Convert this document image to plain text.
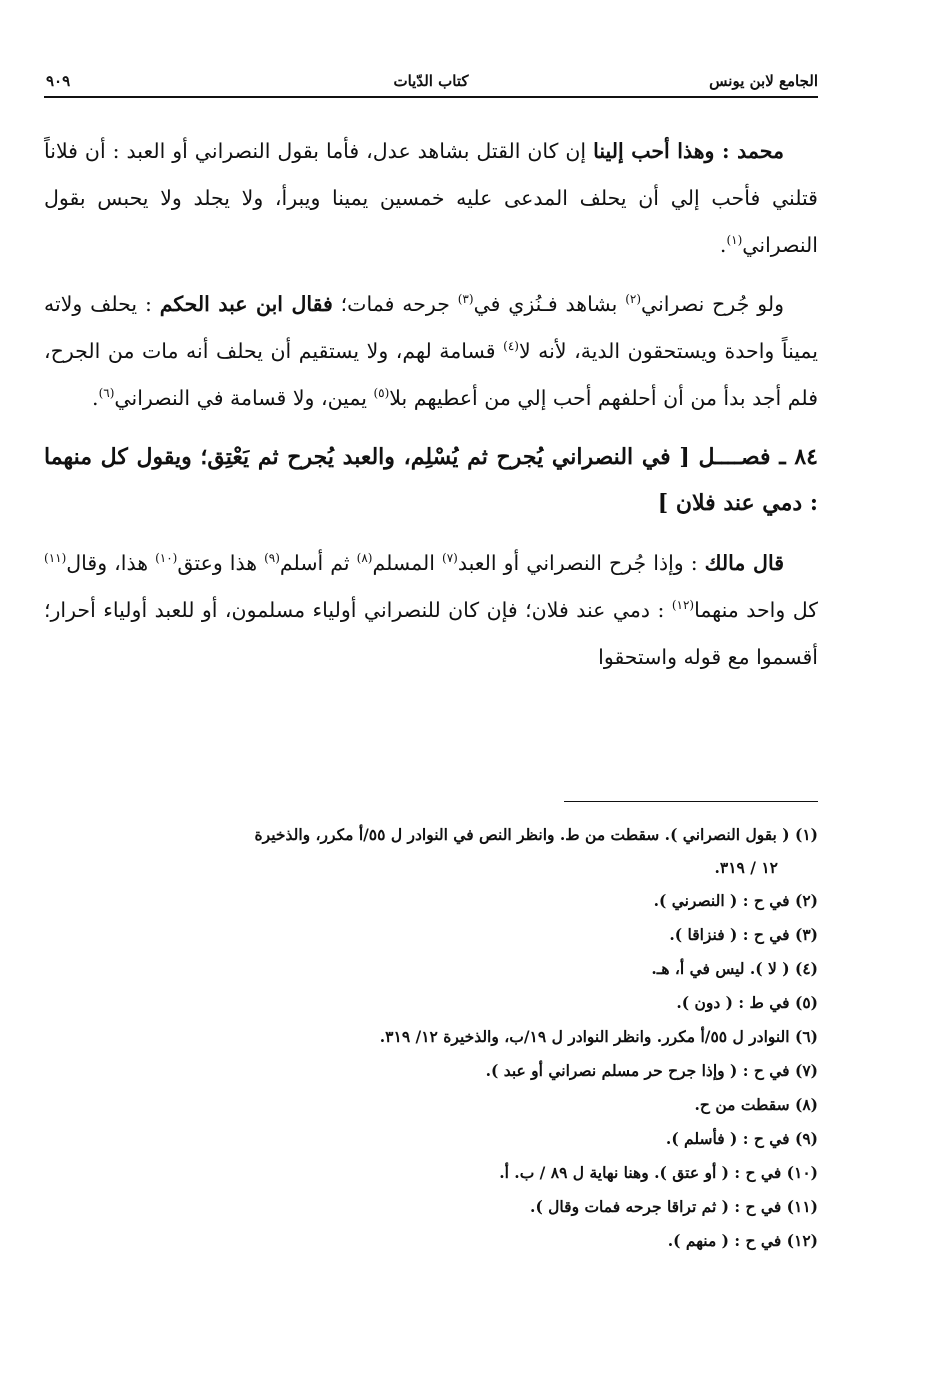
الجامع لابن يونس
كتاب الدّيات
٩٠٩

محمد : وهذا أحب إلينا إن كان القتل بشاهد عدل، فأما بقول النصراني أو العبد : أن فلاناً قتلني فأحب إلي أن يحلف المدعى عليه خمسين يمينا ويبرأ، ولا يجلد ولا يحبس بقول النصراني$^{(١)}$.

ولو جُرح نصراني$^{(٢)}$ بشاهد فـنُزي في$^{(٣)}$ جرحه فمات؛ فقال ابن عبد الحكم : يحلف ولاته يميناً واحدة ويستحقون الدية، لأنه لا$^{(٤)}$ قسامة لهم، ولا يستقيم أن يحلف أنه مات من الجرح، فلم أجد بدأ من أن أحلفهم أحب إلي من أعطيهم بلا$^{(٥)}$ يمين، ولا قسامة في النصراني$^{(٦)}$.

٨٤ ـ فصــــل [ في النصراني يُجرح ثم يُسْلِم، والعبد يُجرح ثم يَعْتِق؛ ويقول كل منهما : دمي عند فلان ]

قال مالك : وإذا جُرح النصراني أو العبد$^{(٧)}$ المسلم$^{(٨)}$ ثم أسلم$^{(٩)}$ هذا وعتق$^{(١٠)}$ هذا، وقال$^{(١١)}$ كل واحد منهما$^{(١٢)}$ : دمي عند فلان؛ فإن كان للنصراني أولياء مسلمون، أو للعبد أولياء أحرار؛ أقسموا مع قوله واستحقوا

(١) ( بقول النصراني ). سقطت من ط. وانظر النص في النوادر ل ٥٥/أ مكرر، والذخيرة
١٢ / ٣١٩.
(٢) في ح : ( النصرني ).
(٣) في ح : ( فنزاقا ).
(٤) ( لا ). ليس في أ، هـ.
(٥) في ط : ( دون ).
(٦) النوادر ل ٥٥/أ مكرر. وانظر النوادر ل ١٩/ب، والذخيرة ١٢/ ٣١٩.
(٧) في ح : ( وإذا جرح حر مسلم نصراني أو عبد ).
(٨) سقطت من ح.
(٩) في ح : ( فأسلم ).
(١٠) في ح : ( أو عتق ). وهنا نهاية ل ٨٩ / ب. أ.
(١١) في ح : ( ثم تراقا جرحه فمات وقال ).
(١٢) في ح : ( منهم ).
